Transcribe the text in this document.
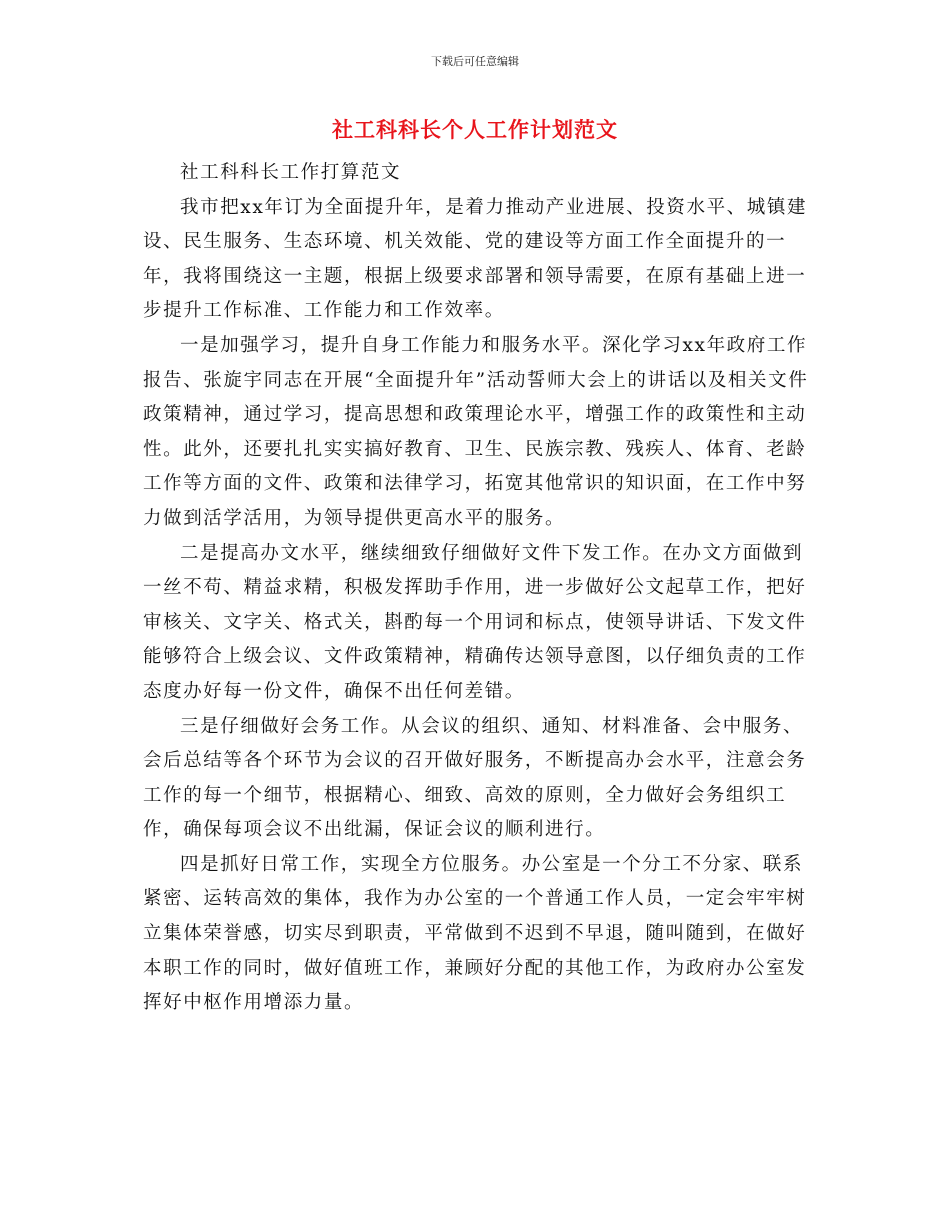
下载后可任意编辑
社工科科长个人工作计划范文

社工科科长工作打算范文

我市把xx年订为全面提升年，是着力推动产业进展、投资水平、城镇建设、民生服务、生态环境、机关效能、党的建设等方面工作全面提升的一年，我将围绕这一主题，根据上级要求部署和领导需要，在原有基础上进一步提升工作标准、工作能力和工作效率。

一是加强学习，提升自身工作能力和服务水平。深化学习xx年政府工作报告、张旋宇同志在开展“全面提升年”活动誓师大会上的讲话以及相关文件政策精神，通过学习，提高思想和政策理论水平，增强工作的政策性和主动性。此外，还要扎扎实实搞好教育、卫生、民族宗教、残疾人、体育、老龄工作等方面的文件、政策和法律学习，拓宽其他常识的知识面，在工作中努力做到活学活用，为领导提供更高水平的服务。

二是提高办文水平，继续细致仔细做好文件下发工作。在办文方面做到一丝不苟、精益求精，积极发挥助手作用，进一步做好公文起草工作，把好审核关、文字关、格式关，斟酌每一个用词和标点，使领导讲话、下发文件能够符合上级会议、文件政策精神，精确传达领导意图，以仔细负责的工作态度办好每一份文件，确保不出任何差错。

三是仔细做好会务工作。从会议的组织、通知、材料准备、会中服务、会后总结等各个环节为会议的召开做好服务，不断提高办会水平，注意会务工作的每一个细节，根据精心、细致、高效的原则，全力做好会务组织工作，确保每项会议不出纰漏，保证会议的顺利进行。

四是抓好日常工作，实现全方位服务。办公室是一个分工不分家、联系紧密、运转高效的集体，我作为办公室的一个普通工作人员，一定会牢牢树立集体荣誉感，切实尽到职责，平常做到不迟到不早退，随叫随到，在做好本职工作的同时，做好值班工作，兼顾好分配的其他工作，为政府办公室发挥好中枢作用增添力量。
